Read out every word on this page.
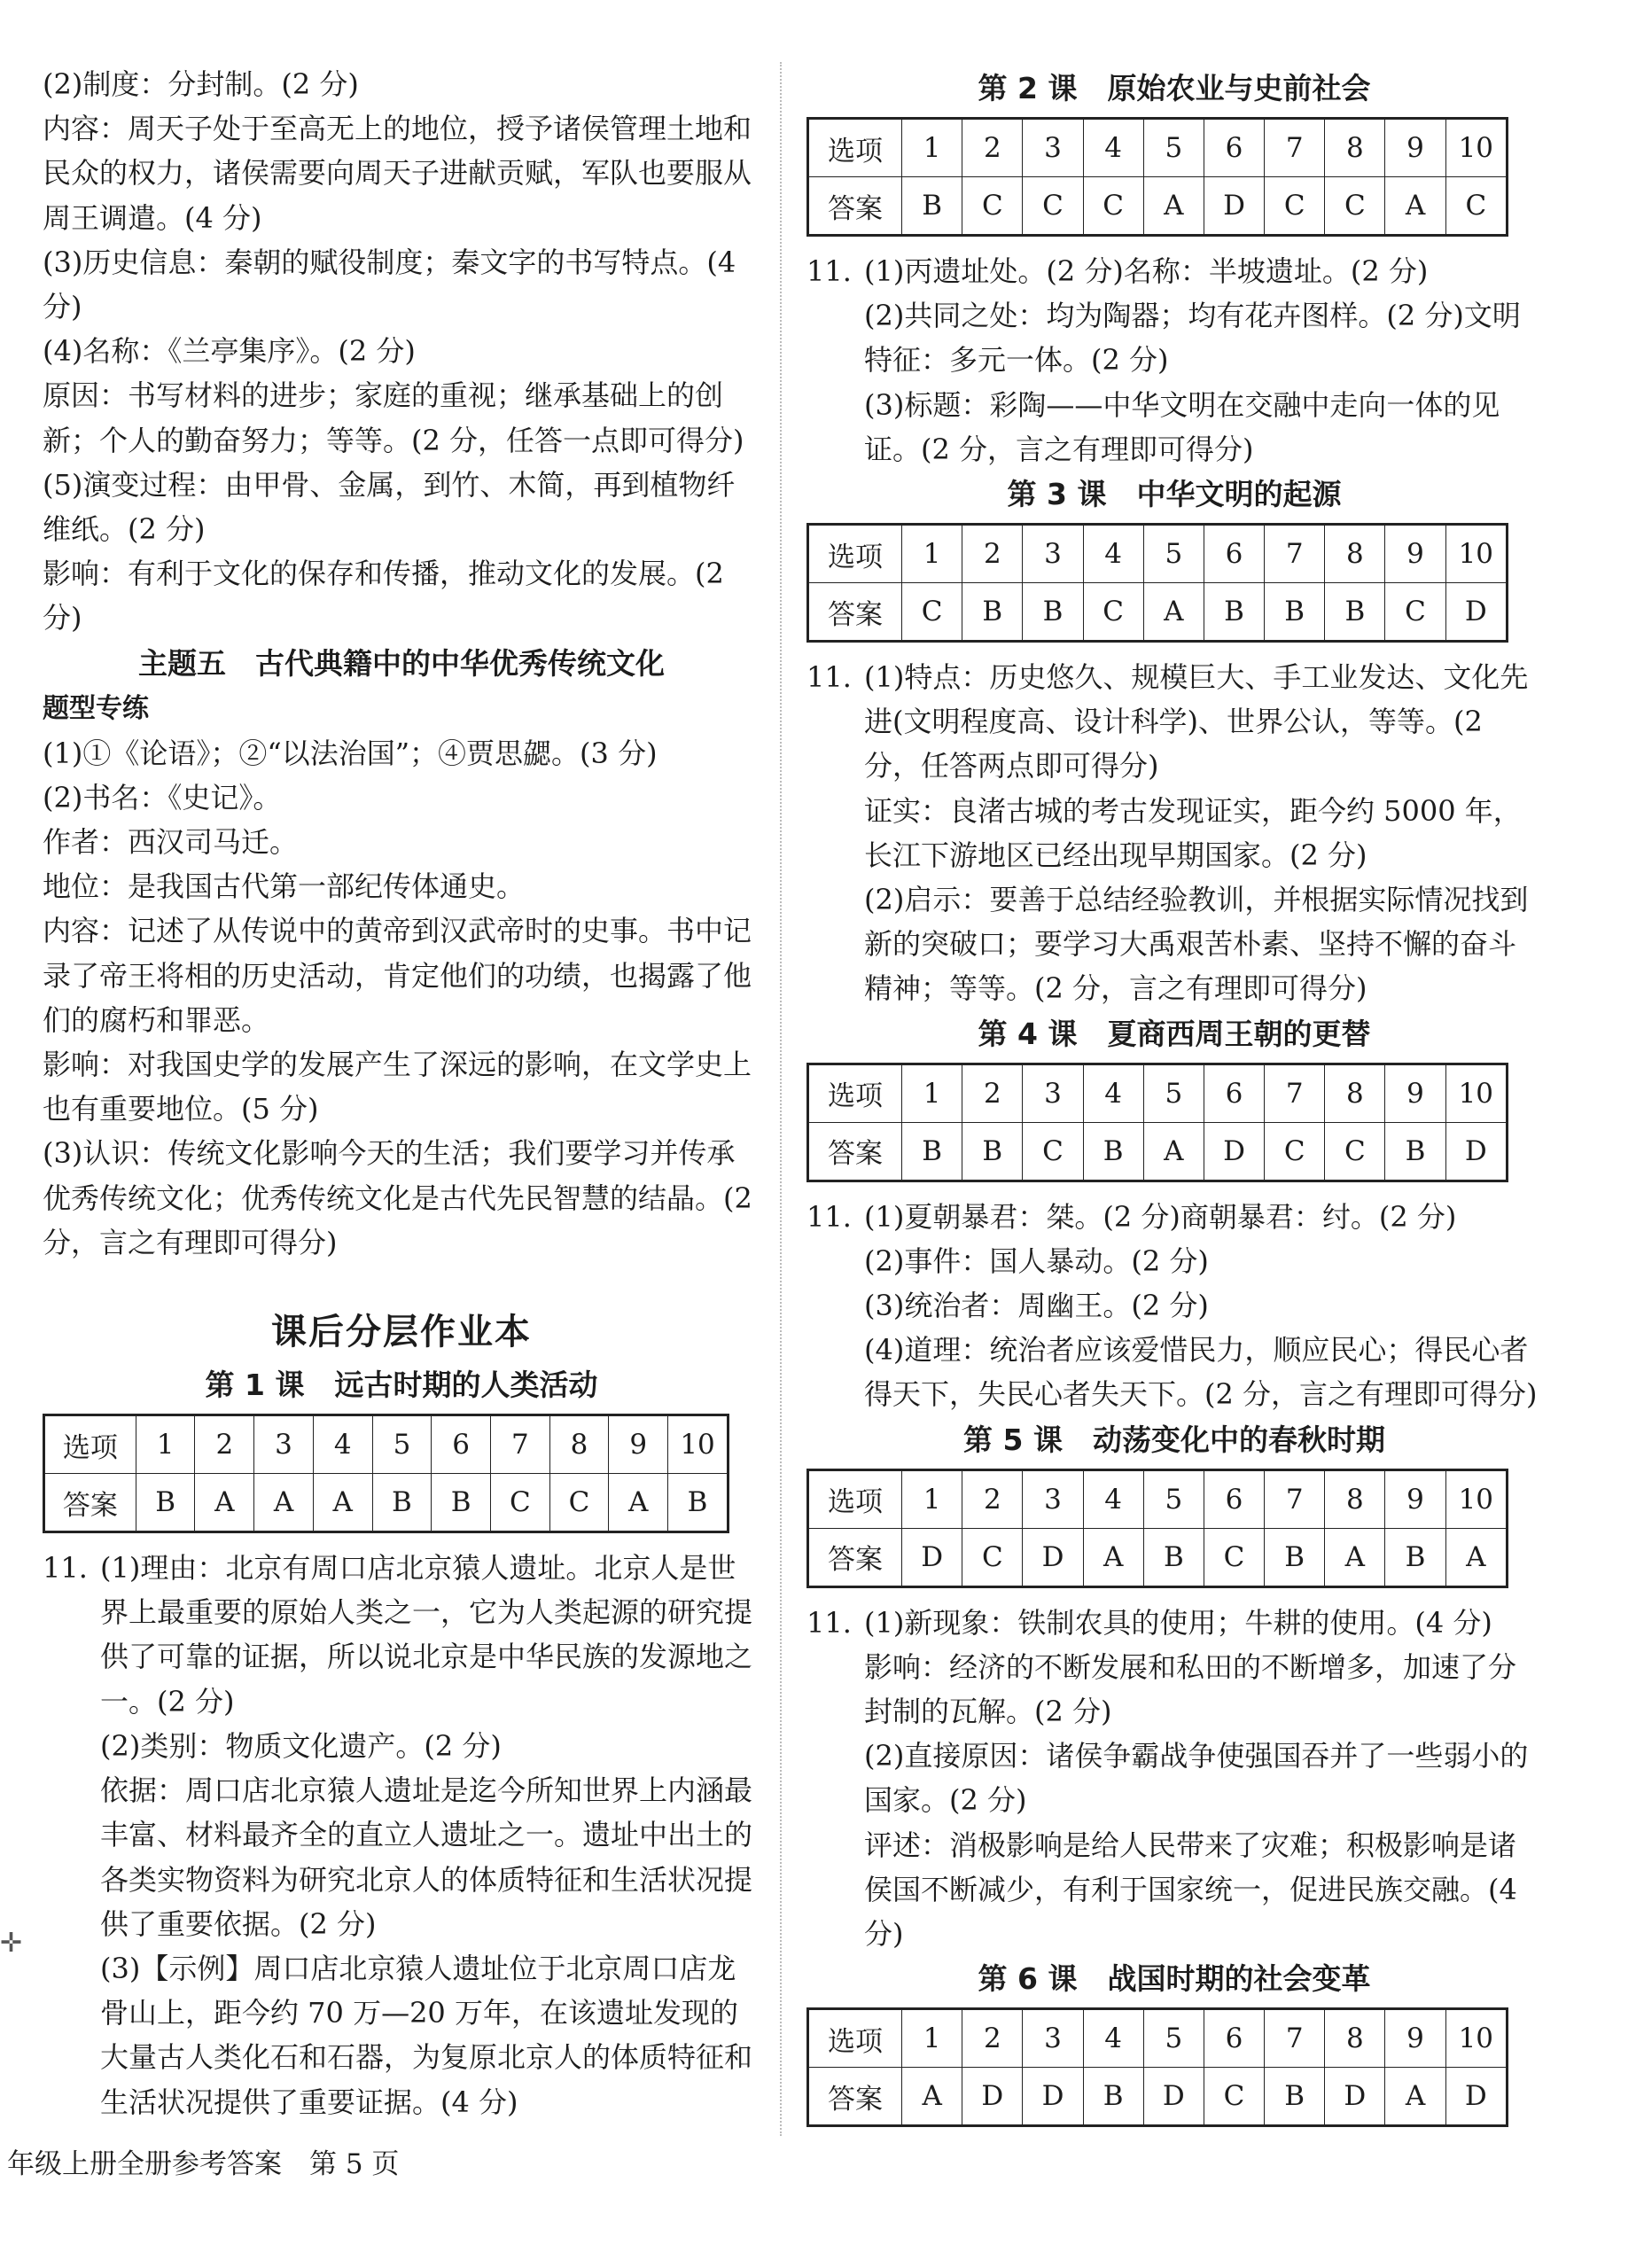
✛

(2)制度：分封制。(2 分)

内容：周天子处于至高无上的地位，授予诸侯管理土地和民众的权力，诸侯需要向周天子进献贡赋，军队也要服从周王调遣。(4 分)

(3)历史信息：秦朝的赋役制度；秦文字的书写特点。(4 分)

(4)名称：《兰亭集序》。(2 分)

原因：书写材料的进步；家庭的重视；继承基础上的创新；个人的勤奋努力；等等。(2 分，任答一点即可得分)

(5)演变过程：由甲骨、金属，到竹、木简，再到植物纤维纸。(2 分)

影响：有利于文化的保存和传播，推动文化的发展。(2 分)

主题五　古代典籍中的中华优秀传统文化

题型专练

(1)①《论语》；②“以法治国”；④贾思勰。(3 分)

(2)书名：《史记》。

作者：西汉司马迁。

地位：是我国古代第一部纪传体通史。

内容：记述了从传说中的黄帝到汉武帝时的史事。书中记录了帝王将相的历史活动，肯定他们的功绩，也揭露了他们的腐朽和罪恶。

影响：对我国史学的发展产生了深远的影响，在文学史上也有重要地位。(5 分)

(3)认识：传统文化影响今天的生活；我们要学习并传承优秀传统文化；优秀传统文化是古代先民智慧的结晶。(2 分，言之有理即可得分)

课后分层作业本

第 1 课 远古时期的人类活动

选项	1	2	3	4	5	6	7	8	9	10
答案	B	A	A	A	B	B	C	C	A	B

11. (1)理由：北京有周口店北京猿人遗址。北京人是世界上最重要的原始人类之一，它为人类起源的研究提供了可靠的证据，所以说北京是中华民族的发源地之一。(2 分)

(2)类别：物质文化遗产。(2 分)

依据：周口店北京猿人遗址是迄今所知世界上内涵最丰富、材料最齐全的直立人遗址之一。遗址中出土的各类实物资料为研究北京人的体质特征和生活状况提供了重要依据。(2 分)

(3)【示例】周口店北京猿人遗址位于北京周口店龙骨山上，距今约 70 万—20 万年，在该遗址发现的大量古人类化石和石器，为复原北京人的体质特征和生活状况提供了重要证据。(4 分)

第 2 课 原始农业与史前社会

选项	1	2	3	4	5	6	7	8	9	10
答案	B	C	C	C	A	D	C	C	A	C

11. (1)丙遗址处。(2 分)名称：半坡遗址。(2 分)

(2)共同之处：均为陶器；均有花卉图样。(2 分)文明特征：多元一体。(2 分)

(3)标题：彩陶——中华文明在交融中走向一体的见证。(2 分，言之有理即可得分)

第 3 课 中华文明的起源

选项	1	2	3	4	5	6	7	8	9	10
答案	C	B	B	C	A	B	B	B	C	D

11. (1)特点：历史悠久、规模巨大、手工业发达、文化先进(文明程度高、设计科学)、世界公认，等等。(2 分，任答两点即可得分)

证实：良渚古城的考古发现证实，距今约 5000 年，长江下游地区已经出现早期国家。(2 分)

(2)启示：要善于总结经验教训，并根据实际情况找到新的突破口；要学习大禹艰苦朴素、坚持不懈的奋斗精神；等等。(2 分，言之有理即可得分)

第 4 课 夏商西周王朝的更替

选项	1	2	3	4	5	6	7	8	9	10
答案	B	B	C	B	A	D	C	C	B	D

11. (1)夏朝暴君：桀。(2 分)商朝暴君：纣。(2 分)

(2)事件：国人暴动。(2 分)

(3)统治者：周幽王。(2 分)

(4)道理：统治者应该爱惜民力，顺应民心；得民心者得天下，失民心者失天下。(2 分，言之有理即可得分)

第 5 课 动荡变化中的春秋时期

选项	1	2	3	4	5	6	7	8	9	10
答案	D	C	D	A	B	C	B	A	B	A

11. (1)新现象：铁制农具的使用；牛耕的使用。(4 分)

影响：经济的不断发展和私田的不断增多，加速了分封制的瓦解。(2 分)

(2)直接原因：诸侯争霸战争使强国吞并了一些弱小的国家。(2 分)

评述：消极影响是给人民带来了灾难；积极影响是诸侯国不断减少，有利于国家统一，促进民族交融。(4 分)

第 6 课 战国时期的社会变革

选项	1	2	3	4	5	6	7	8	9	10
答案	A	D	D	B	D	C	B	D	A	D
年级上册全册参考答案　第 5 页
